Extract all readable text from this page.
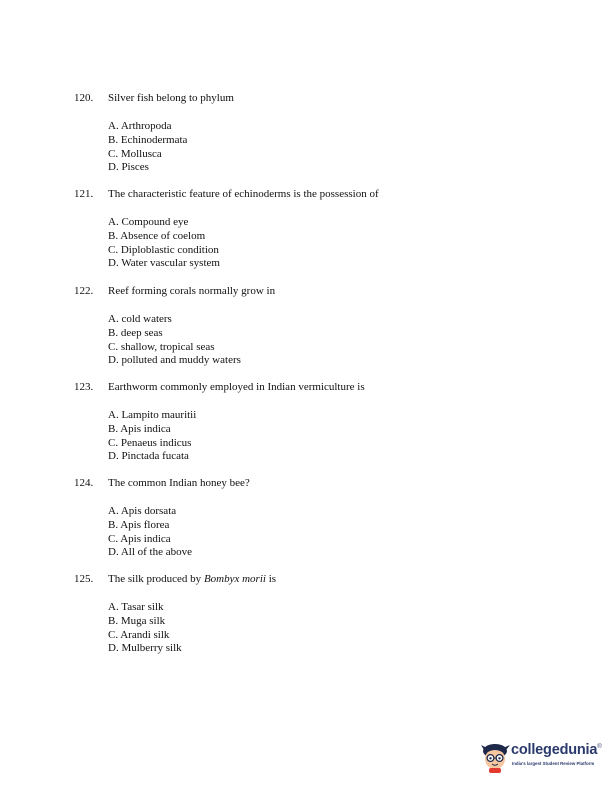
120.	Silver fish belong to phylum
A. Arthropoda
B. Echinodermata
C. Mollusca
D. Pisces
121.	The characteristic feature of echinoderms is the possession of
A. Compound eye
B. Absence of coelom
C. Diploblastic condition
D. Water vascular system
122.	Reef forming corals normally grow in
A. cold waters
B. deep seas
C. shallow, tropical seas
D. polluted and muddy waters
123.	Earthworm commonly employed in Indian vermiculture is
A. Lampito mauritii
B. Apis indica
C. Penaeus indicus
D. Pinctada fucata
124.	The common Indian honey bee?
A. Apis dorsata
B. Apis florea
C. Apis indica
D. All of the above
125.	The silk produced by Bombyx morii is
A. Tasar silk
B. Muga silk
C. Arandi silk
D. Mulberry silk
collegedunia®
India's largest Student Review Platform
